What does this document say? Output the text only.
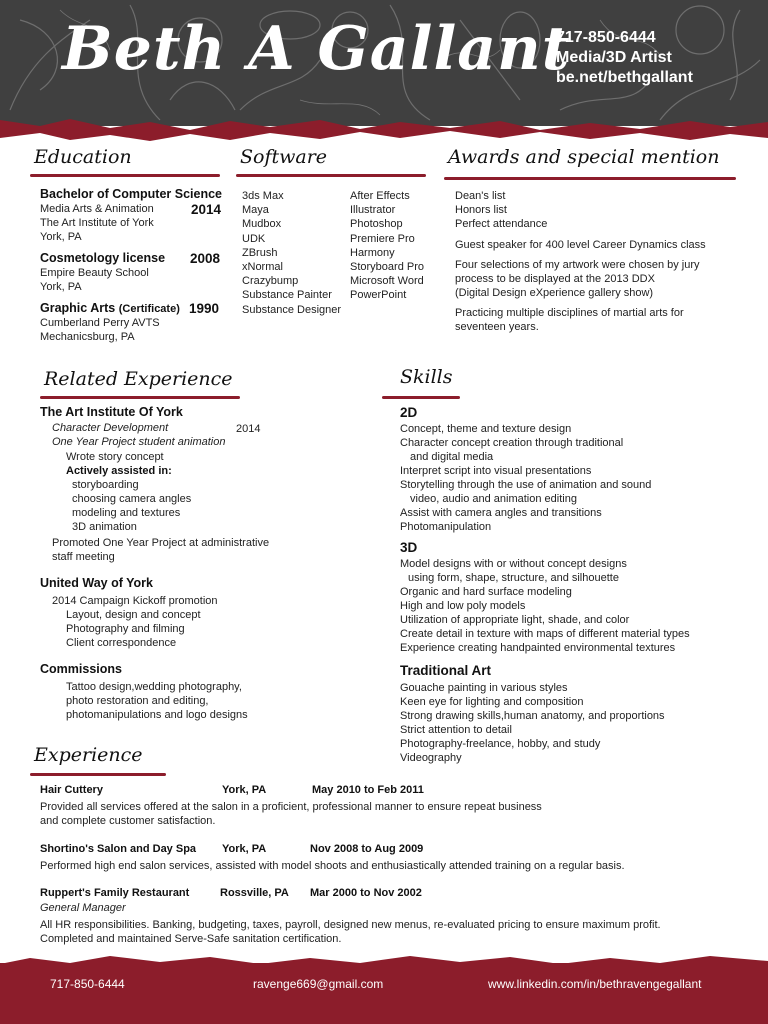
Beth A Gallant
717-850-6444
Media/3D Artist
be.net/bethgallant
Education
Bachelor of Computer Science
Media Arts & Animation	2014
The Art Institute of York
York, PA
Cosmetology license 2008
Empire Beauty School
York, PA
Graphic Arts (Certificate) 1990
Cumberland Perry AVTS
Mechanicsburg, PA
Software
3ds Max
Maya
Mudbox
UDK
ZBrush
xNormal
Crazybump
Substance Painter
Substance Designer
After Effects
Illustrator
Photoshop
Premiere Pro
Harmony
Storyboard Pro
Microsoft Word
PowerPoint
Awards and special mention
Dean's list
Honors list
Perfect attendance
Guest speaker for 400 level Career Dynamics class
Four selections of my artwork were chosen by jury
process to be displayed at the 2013 DDX
(Digital Design eXperience gallery show)
Practicing multiple disciplines of martial arts for
seventeen years.
Related Experience
The Art Institute Of York
Character Development	2014
One Year Project student animation
Wrote story concept
Actively assisted in:
storyboarding
choosing camera angles
modeling and textures
3D animation
Promoted One Year Project at administrative
staff meeting
United Way of York
2014 Campaign Kickoff promotion
Layout, design and concept
Photography and filming
Client correspondence
Commissions
Tattoo design,wedding photography,
photo restoration and editing,
photomanipulations and logo designs
Skills
2D
Concept, theme and texture design
Character concept creation through traditional
and digital media
Interpret script into visual presentations
Storytelling through the use of animation and sound
video, audio and animation editing
Assist with camera angles and transitions
Photomanipulation
3D
Model designs with or without concept designs
using form, shape, structure, and silhouette
Organic and hard surface modeling
High and low poly models
Utilization of appropriate light, shade, and color
Create detail in texture with maps of different material types
Experience creating handpainted environmental textures
Traditional Art
Gouache painting in various styles
Keen eye for lighting and composition
Strong drawing skills,human anatomy, and proportions
Strict attention to detail
Photography-freelance, hobby, and study
Videography
Experience
Hair Cuttery	York, PA	May 2010 to Feb 2011
Provided all services offered at the salon in a proficient, professional manner to ensure repeat business
and complete customer satisfaction.
Shortino's Salon and Day Spa York, PA	Nov 2008 to Aug 2009
Performed high end salon services, assisted with model shoots and enthusiastically attended training on a regular basis.
Ruppert's Family Restaurant	Rossville, PA Mar 2000 to Nov 2002
General Manager
All HR responsibilities. Banking, budgeting, taxes, payroll, designed new menus, re-evaluated pricing to ensure maximum profit.
Completed and maintained Serve-Safe sanitation certification.
717-850-6444	ravenge669@gmail.com	www.linkedin.com/in/bethravengegallant
